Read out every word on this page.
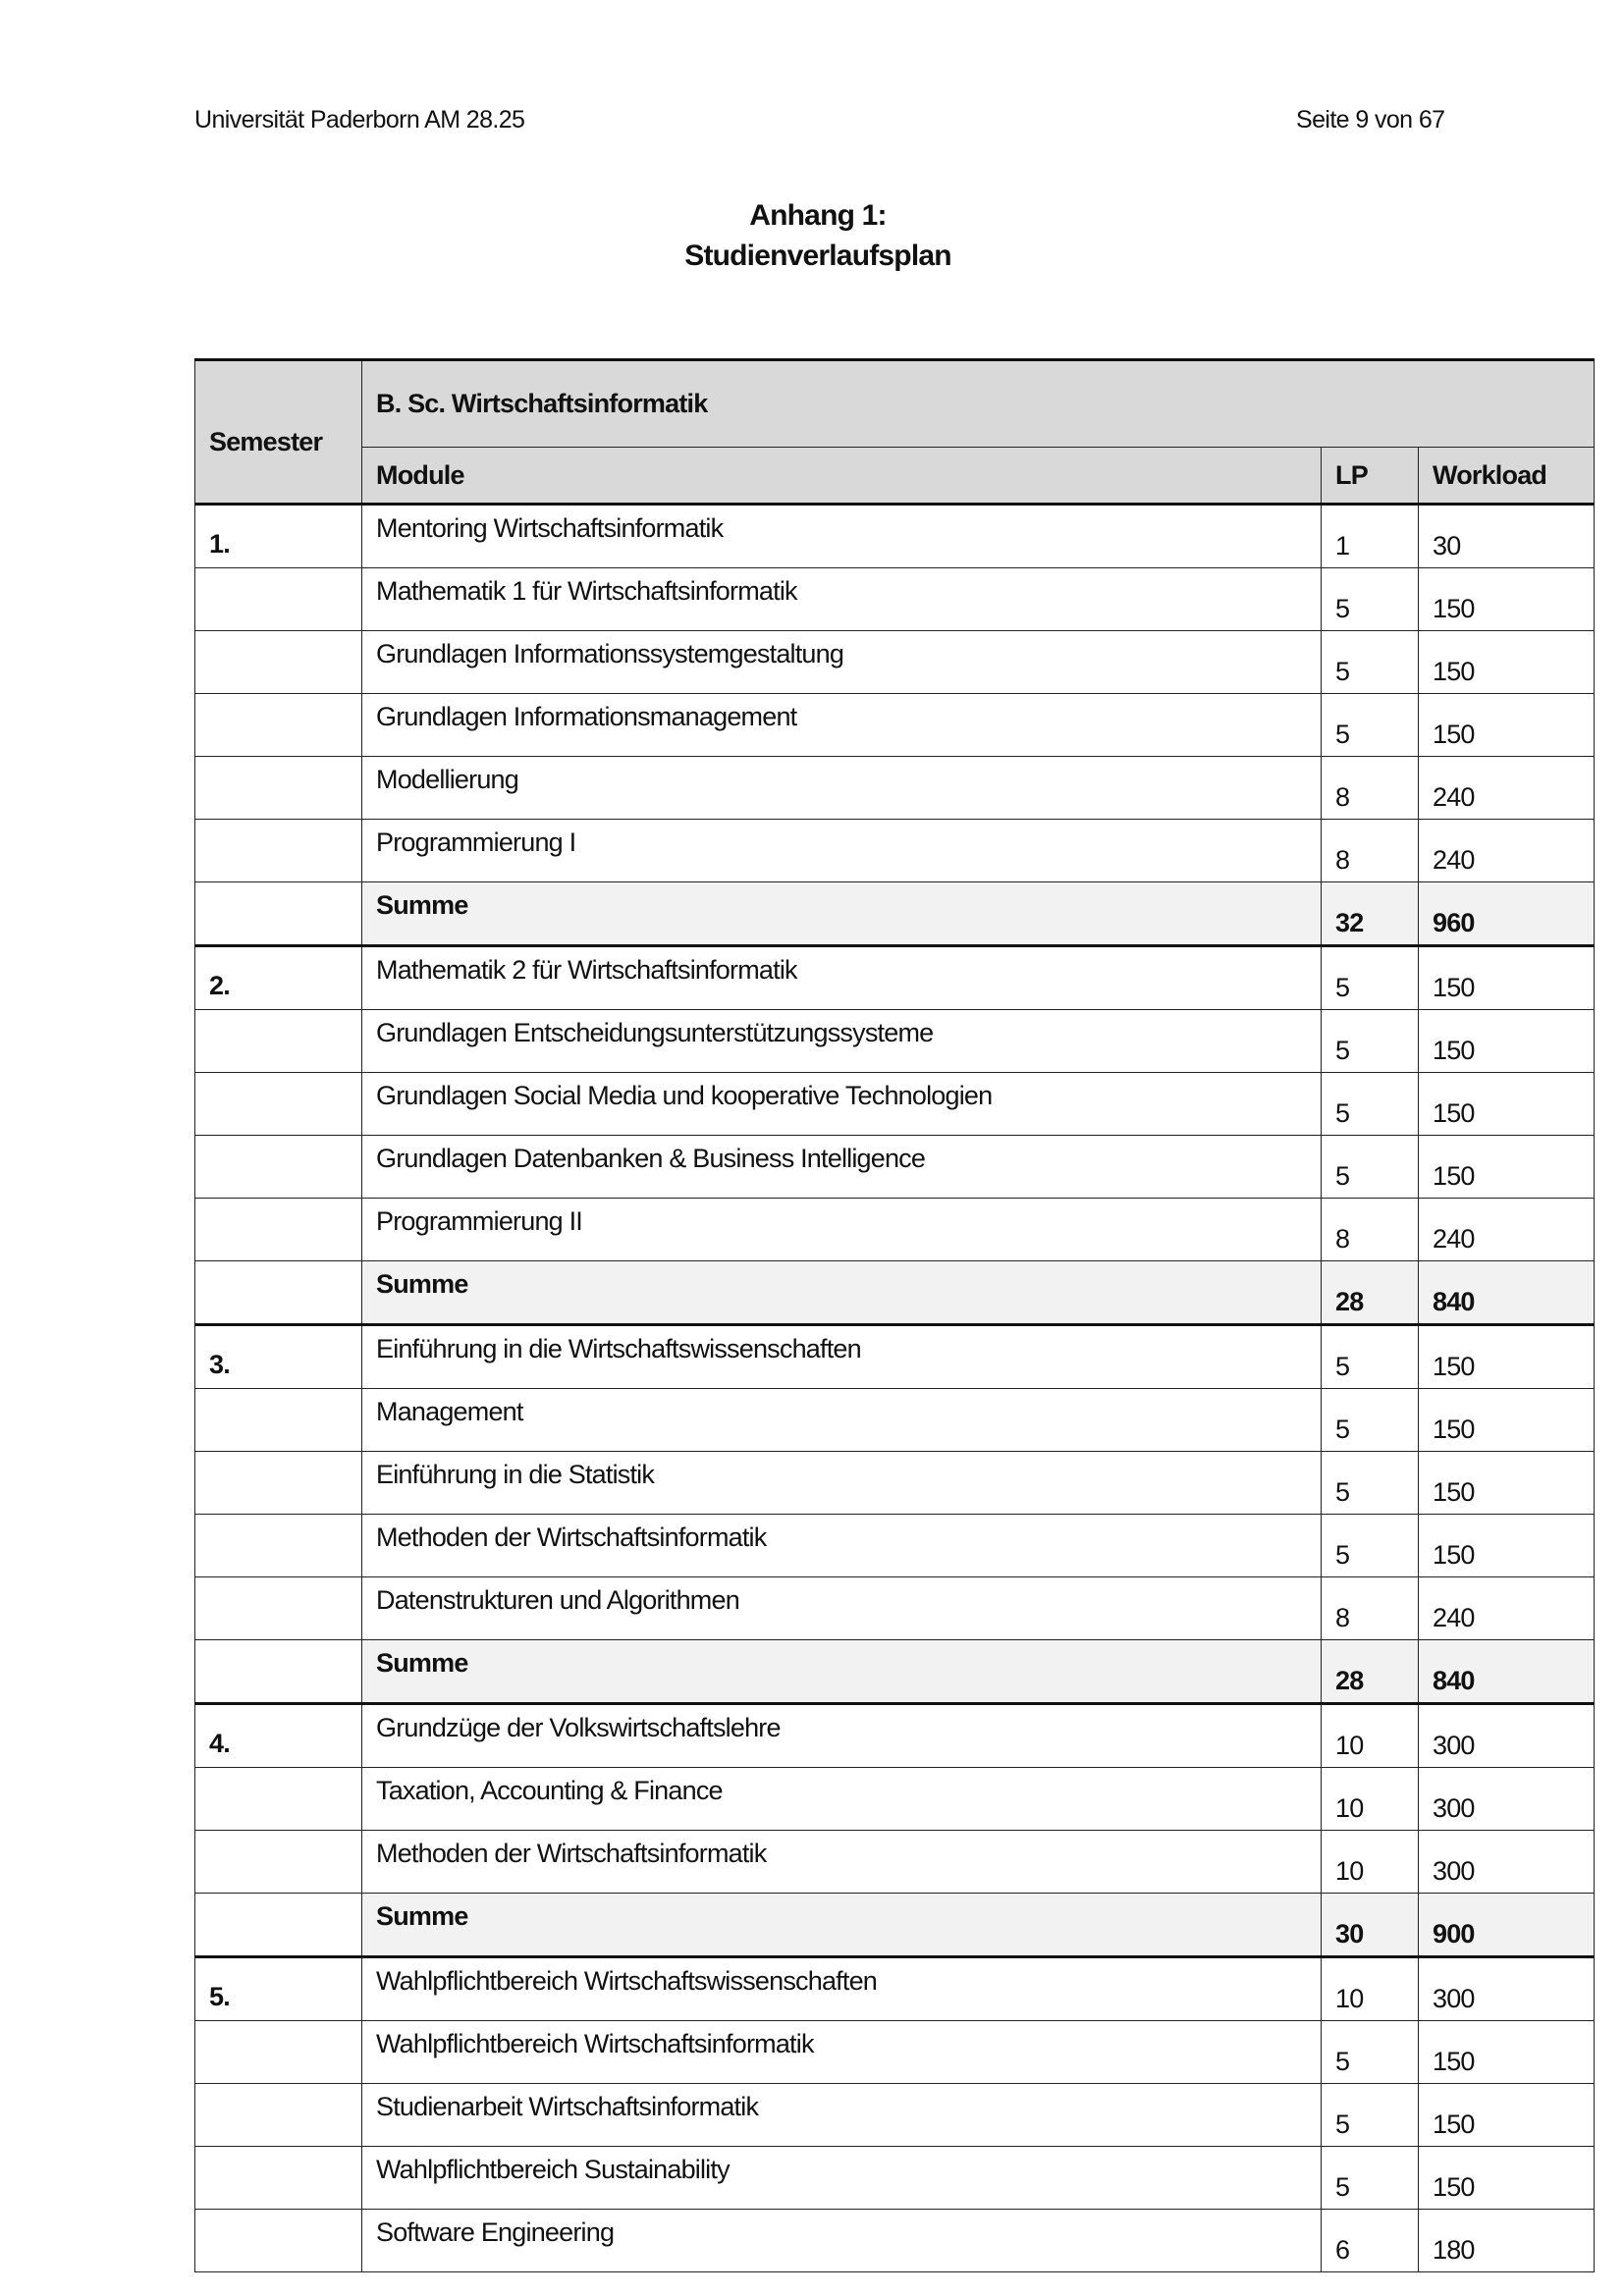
Universität Paderborn AM 28.25	Seite 9 von 67
Anhang 1:
Studienverlaufsplan
Semester	B. Sc. Wirtschaftsinformatik		
	Module	LP	Workload
1.	Mentoring Wirtschaftsinformatik	1	30
	Mathematik 1 für Wirtschaftsinformatik	5	150
	Grundlagen Informationssystemgestaltung	5	150
	Grundlagen Informationsmanagement	5	150
	Modellierung	8	240
	Programmierung I	8	240
	Summe	32	960
2.	Mathematik 2 für Wirtschaftsinformatik	5	150
	Grundlagen Entscheidungsunterstützungssysteme	5	150
	Grundlagen Social Media und kooperative Technologien	5	150
	Grundlagen Datenbanken & Business Intelligence	5	150
	Programmierung II	8	240
	Summe	28	840
3.	Einführung in die Wirtschaftswissenschaften	5	150
	Management	5	150
	Einführung in die Statistik	5	150
	Methoden der Wirtschaftsinformatik	5	150
	Datenstrukturen und Algorithmen	8	240
	Summe	28	840
4.	Grundzüge der Volkswirtschaftslehre	10	300
	Taxation, Accounting & Finance	10	300
	Methoden der Wirtschaftsinformatik	10	300
	Summe	30	900
5.	Wahlpflichtbereich Wirtschaftswissenschaften	10	300
	Wahlpflichtbereich Wirtschaftsinformatik	5	150
	Studienarbeit Wirtschaftsinformatik	5	150
	Wahlpflichtbereich Sustainability	5	150
	Software Engineering	6	180
